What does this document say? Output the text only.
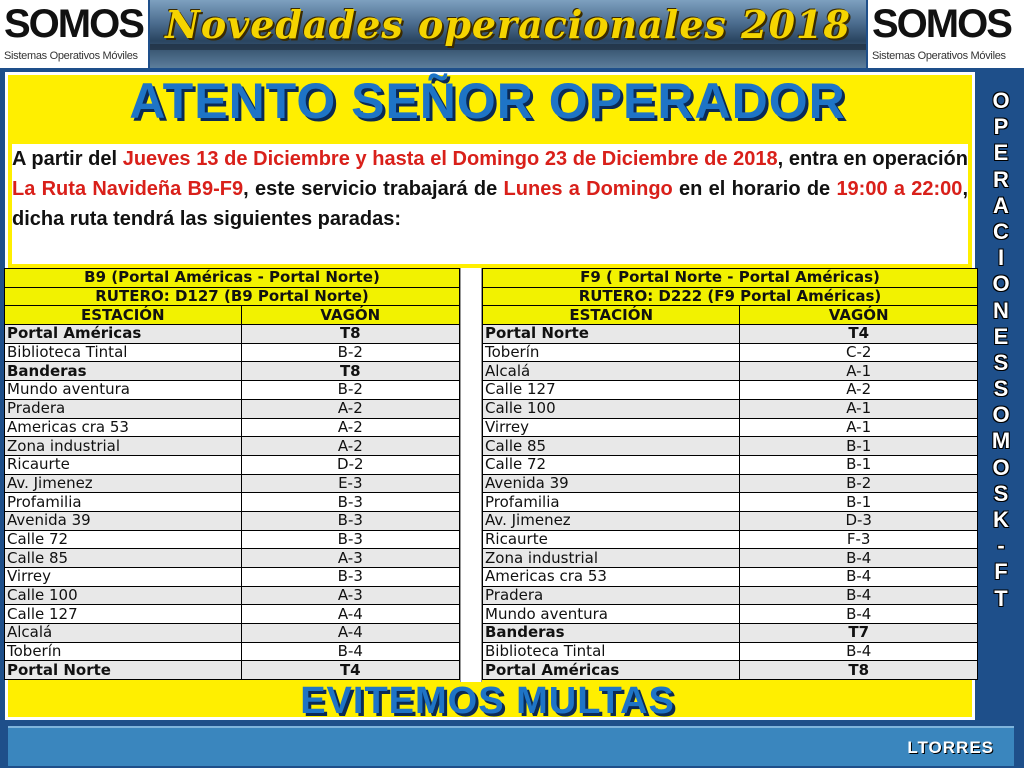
SOMOS
Sistemas Operativos Móviles
Novedades operacionales 2018 SOMOS
Sistemas Operativos Móviles
ATENTO SEÑOR OPERADOR
A partir del Jueves 13 de Diciembre y hasta el Domingo 23 de Diciembre de 2018, entra en operación La Ruta Navideña B9-F9, este servicio trabajará de Lunes a Domingo en el horario de 19:00 a 22:00, dicha ruta tendrá las siguientes paradas:
B9 (Portal Américas - Portal Norte)	
RUTERO: D127 (B9 Portal Norte)	
ESTACIÓN	VAGÓN
Portal Américas	T8
Biblioteca Tintal	B-2
Banderas	T8
Mundo aventura	B-2
Pradera	A-2
Americas cra 53	A-2
Zona industrial	A-2
Ricaurte	D-2
Av. Jimenez	E-3
Profamilia	B-3
Avenida 39	B-3
Calle 72	B-3
Calle 85	A-3
Virrey	B-3
Calle 100	A-3
Calle 127	A-4
Alcalá	A-4
Toberín	B-4
Portal Norte	T4
F9 ( Portal Norte - Portal Américas)	
RUTERO: D222 (F9 Portal Américas)	
ESTACIÓN	VAGÓN
Portal Norte	T4
Toberín	C-2
Alcalá	A-1
Calle 127	A-2
Calle 100	A-1
Virrey	A-1
Calle 85	B-1
Calle 72	B-1
Avenida 39	B-2
Profamilia	B-1
Av. Jimenez	D-3
Ricaurte	F-3
Zona industrial	B-4
Americas cra 53	B-4
Pradera	B-4
Mundo aventura	B-4
Banderas	T7
Biblioteca Tintal	B-4
Portal Américas	T8
EVITEMOS MULTAS
O
P
E
R
A
C
I
O
N
E
S
S
O
M
O
S
K
-
F
T
LTORRES
